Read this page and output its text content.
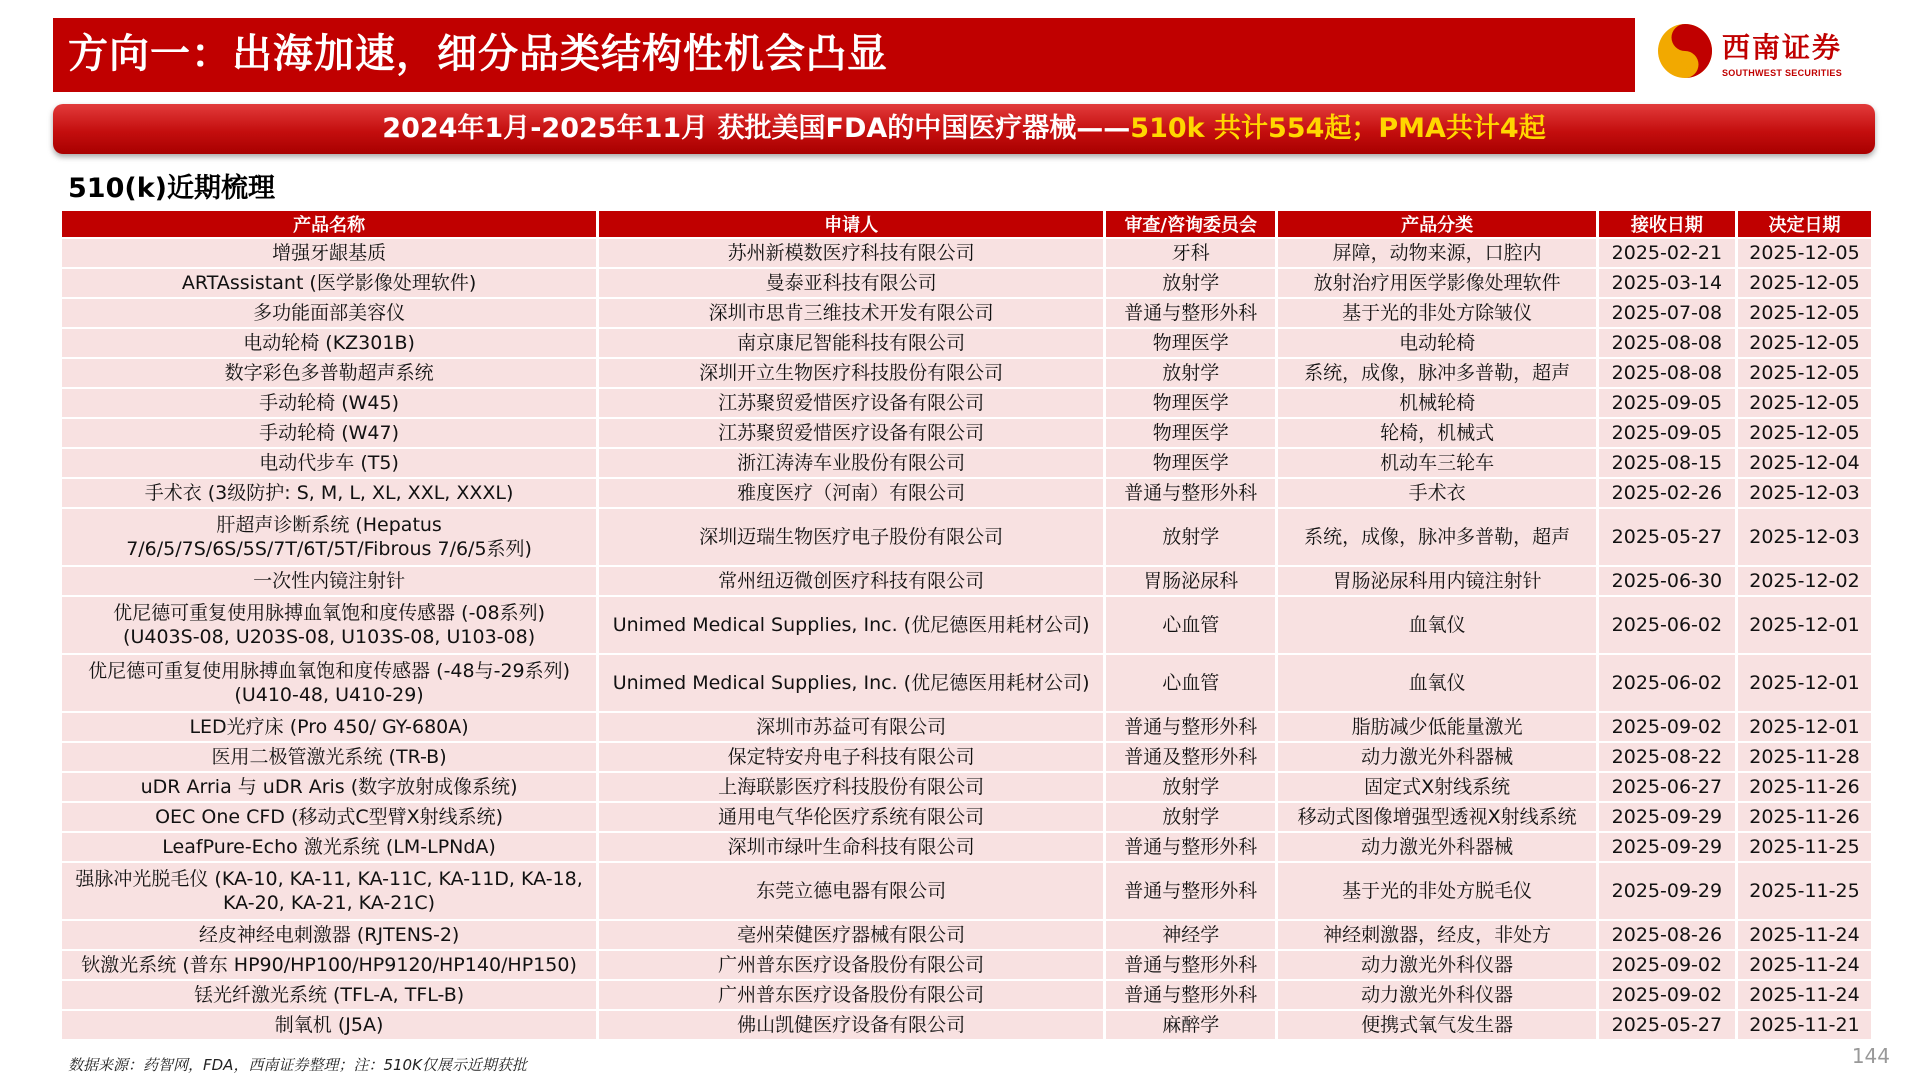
方向一：出海加速，细分品类结构性机会凸显	西南证券
SOUTHWEST SECURITIES
2024年1月-2025年11月 获批美国FDA的中国医疗器械——510k 共计554起；PMA共计4起
510(k)近期梳理
产品名称	申请人	审查/咨询委员会	产品分类	接收日期	决定日期
增强牙龈基质	苏州新模数医疗科技有限公司	牙科	屏障，动物来源，口腔内	2025-02-21	2025-12-05
ARTAssistant (医学影像处理软件)	曼泰亚科技有限公司	放射学	放射治疗用医学影像处理软件	2025-03-14	2025-12-05
多功能面部美容仪	深圳市思肯三维技术开发有限公司	普通与整形外科	基于光的非处方除皱仪	2025-07-08	2025-12-05
电动轮椅 (KZ301B)	南京康尼智能科技有限公司	物理医学	电动轮椅	2025-08-08	2025-12-05
数字彩色多普勒超声系统	深圳开立生物医疗科技股份有限公司	放射学	系统，成像，脉冲多普勒，超声	2025-08-08	2025-12-05
手动轮椅 (W45)	江苏聚贸爱惜医疗设备有限公司	物理医学	机械轮椅	2025-09-05	2025-12-05
手动轮椅 (W47)	江苏聚贸爱惜医疗设备有限公司	物理医学	轮椅，机械式	2025-09-05	2025-12-05
电动代步车 (T5)	浙江涛涛车业股份有限公司	物理医学	机动车三轮车	2025-08-15	2025-12-04
手术衣 (3级防护: S, M, L, XL, XXL, XXXL)	雅度医疗（河南）有限公司	普通与整形外科	手术衣	2025-02-26	2025-12-03
肝超声诊断系统 (Hepatus
7/6/5/7S/6S/5S/7T/6T/5T/Fibrous 7/6/5系列)	深圳迈瑞生物医疗电子股份有限公司	放射学	系统，成像，脉冲多普勒，超声	2025-05-27	2025-12-03
一次性内镜注射针	常州纽迈微创医疗科技有限公司	胃肠泌尿科	胃肠泌尿科用内镜注射针	2025-06-30	2025-12-02
优尼德可重复使用脉搏血氧饱和度传感器 (-08系列)
(U403S-08, U203S-08, U103S-08, U103-08)	Unimed Medical Supplies, Inc. (优尼德医用耗材公司)	心血管	血氧仪	2025-06-02	2025-12-01
优尼德可重复使用脉搏血氧饱和度传感器 (-48与-29系列)
(U410-48, U410-29)	Unimed Medical Supplies, Inc. (优尼德医用耗材公司)	心血管	血氧仪	2025-06-02	2025-12-01
LED光疗床 (Pro 450/ GY-680A)	深圳市苏益可有限公司	普通与整形外科	脂肪减少低能量激光	2025-09-02	2025-12-01
医用二极管激光系统 (TR-B)	保定特安舟电子科技有限公司	普通及整形外科	动力激光外科器械	2025-08-22	2025-11-28
uDR Arria 与 uDR Aris (数字放射成像系统)	上海联影医疗科技股份有限公司	放射学	固定式X射线系统	2025-06-27	2025-11-26
OEC One CFD (移动式C型臂X射线系统)	通用电气华伦医疗系统有限公司	放射学	移动式图像增强型透视X射线系统	2025-09-29	2025-11-26
LeafPure-Echo 激光系统 (LM-LPNdA)	深圳市绿叶生命科技有限公司	普通与整形外科	动力激光外科器械	2025-09-29	2025-11-25
强脉冲光脱毛仪 (KA-10, KA-11, KA-11C, KA-11D, KA-18,
KA-20, KA-21, KA-21C)	东莞立德电器有限公司	普通与整形外科	基于光的非处方脱毛仪	2025-09-29	2025-11-25
经皮神经电刺激器 (RJTENS-2)	亳州荣健医疗器械有限公司	神经学	神经刺激器，经皮，非处方	2025-08-26	2025-11-24
钬激光系统 (普东 HP90/HP100/HP9120/HP140/HP150)	广州普东医疗设备股份有限公司	普通与整形外科	动力激光外科仪器	2025-09-02	2025-11-24
铥光纤激光系统 (TFL-A, TFL-B)	广州普东医疗设备股份有限公司	普通与整形外科	动力激光外科仪器	2025-09-02	2025-11-24
制氧机 (J5A)	佛山凯健医疗设备有限公司	麻醉学	便携式氧气发生器	2025-05-27	2025-11-21
数据来源：药智网，FDA，西南证券整理；注：510K仅展示近期获批	144
